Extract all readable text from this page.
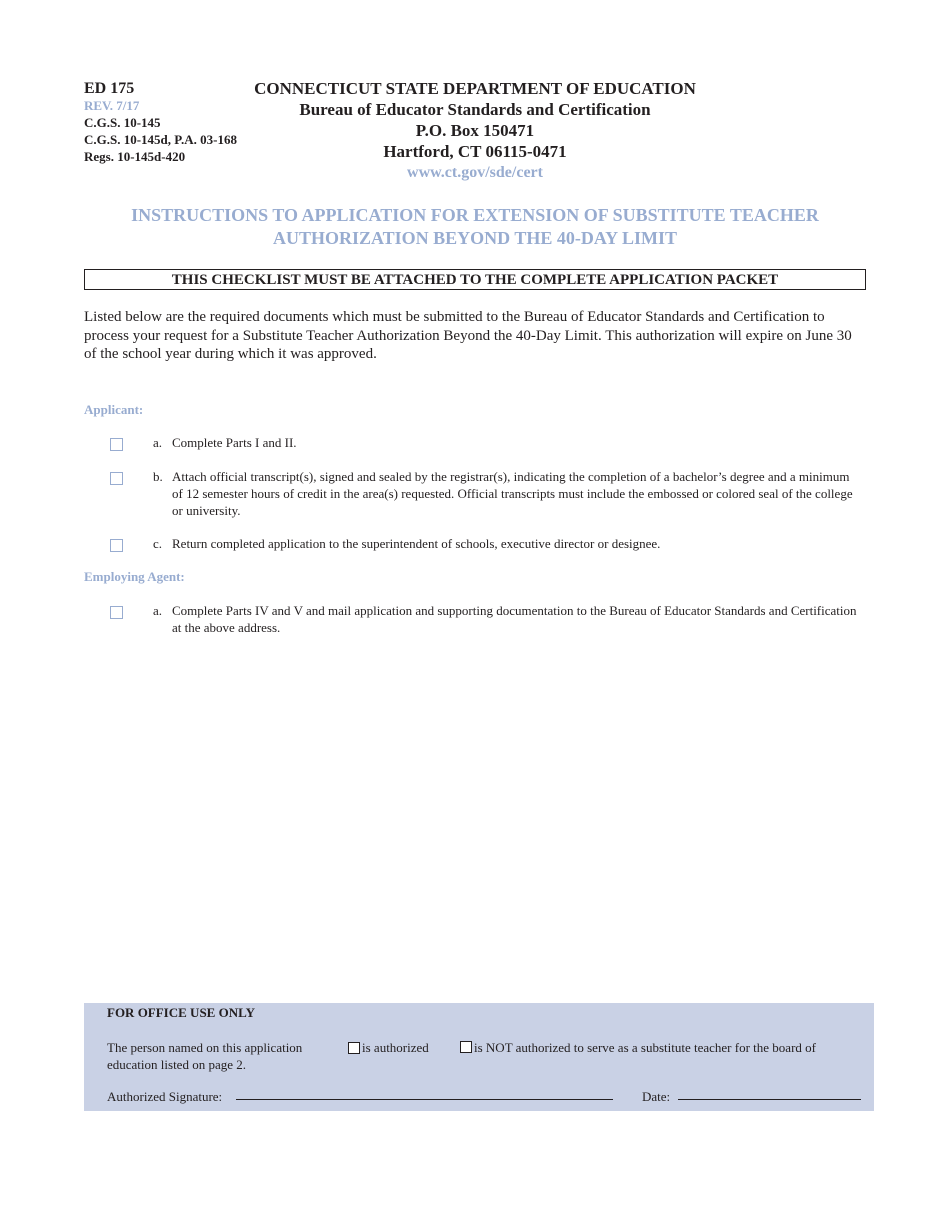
ED 175
REV. 7/17
C.G.S. 10-145
C.G.S. 10-145d, P.A. 03-168
Regs. 10-145d-420
CONNECTICUT STATE DEPARTMENT OF EDUCATION
Bureau of Educator Standards and Certification
P.O. Box 150471
Hartford, CT 06115-0471
www.ct.gov/sde/cert
INSTRUCTIONS TO APPLICATION FOR EXTENSION OF SUBSTITUTE TEACHER
AUTHORIZATION BEYOND THE 40-DAY LIMIT
THIS CHECKLIST MUST BE ATTACHED TO THE COMPLETE APPLICATION PACKET
Listed below are the required documents which must be submitted to the Bureau of Educator Standards and Certification to process your request for a Substitute Teacher Authorization Beyond the 40-Day Limit. This authorization will expire on June 30 of the school year during which it was approved.
Applicant:
a. Complete Parts I and II.
b. Attach official transcript(s), signed and sealed by the registrar(s), indicating the completion of a bachelor’s degree and a minimum of 12 semester hours of credit in the area(s) requested. Official transcripts must include the embossed or colored seal of the college or university.
c. Return completed application to the superintendent of schools, executive director or designee.
Employing Agent:
a. Complete Parts IV and V and mail application and supporting documentation to the Bureau of Educator Standards and Certification at the above address.
FOR OFFICE USE ONLY
The person named on this application education listed on page 2.
is authorized	is NOT authorized to serve as a substitute teacher for the board of
Authorized Signature:	Date:
